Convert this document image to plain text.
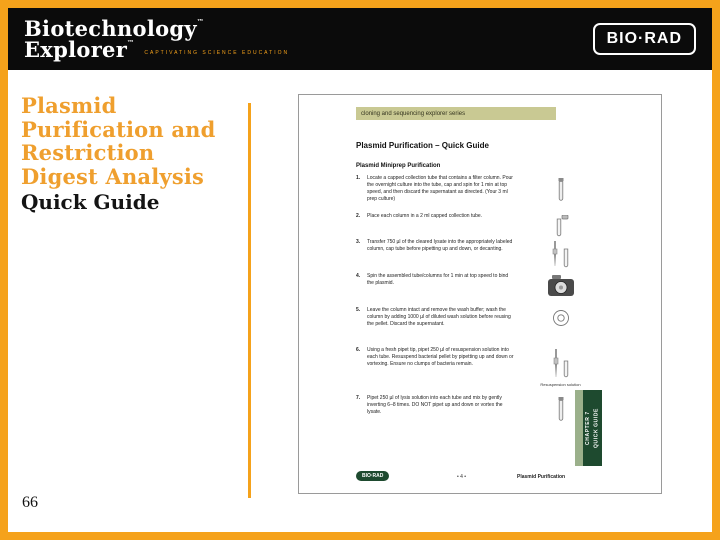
Biotechnology™
Explorer™
CAPTIVATING SCIENCE EDUCATION
BIO·RAD
Plasmid
Purification and
Restriction
Digest Analysis
Quick Guide
cloning and sequencing explorer series
Plasmid Purification – Quick Guide
Plasmid Miniprep Purification
1.	Locate a capped collection tube that contains a filter column. Pour the overnight culture into the tube, cap and spin for 1 min at top speed, and then discard the supernatant as directed. (Your 3 ml prep culture)
2.	Place each column in a 2 ml capped collection tube.
3.	Transfer 750 µl of the cleared lysate into the appropriately labeled column, cap tube before pipetting up and down, or decanting.
4.	Spin the assembled tube/columns for 1 min at top speed to bind the plasmid.
5.	Leave the column intact and remove the wash buffer; wash the column by adding 1000 µl of diluted wash solution before reusing the pellet. Discard the supernatant.
6.	Using a fresh pipet tip, pipet 250 µl of resuspension solution into each tube. Resuspend bacterial pellet by pipetting up and down or vortexing. Ensure no clumps of bacteria remain.
Resuspension solution
7.	Pipet 250 µl of lysis solution into each tube and mix by gently inverting 6–8 times. DO NOT pipet up and down or vortex the lysate.	CHAPTER 7 QUICK GUIDE
BIO·RAD	• 4 •	Plasmid Purification
66
